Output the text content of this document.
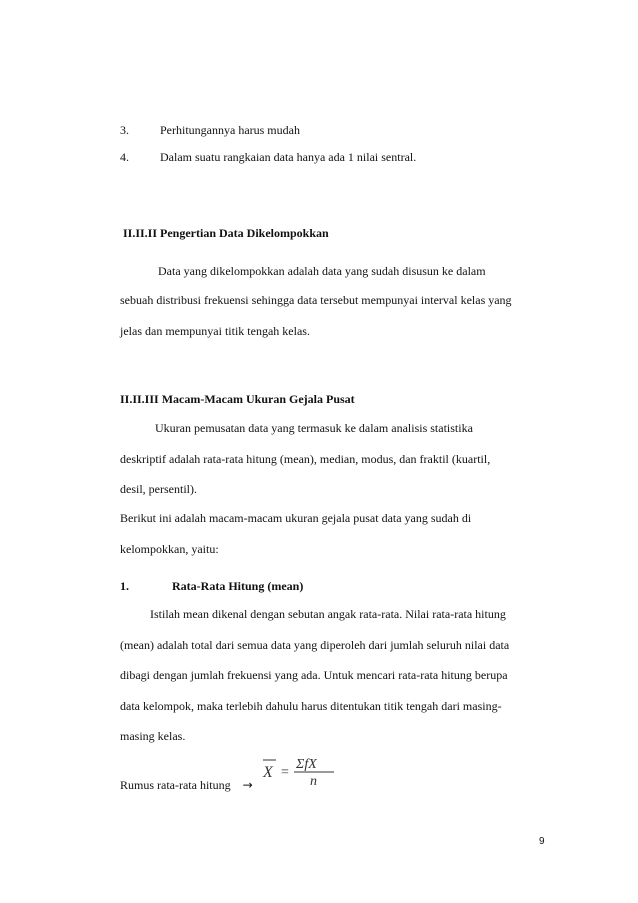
3.	Perhitungannya harus mudah
4.	Dalam suatu rangkaian data hanya ada 1 nilai sentral.
II.II.II Pengertian Data Dikelompokkan
Data yang dikelompokkan adalah data yang sudah disusun ke dalam
sebuah distribusi frekuensi sehingga data tersebut mempunyai interval kelas yang
jelas dan mempunyai titik tengah kelas.
II.II.III Macam-Macam Ukuran Gejala Pusat
Ukuran pemusatan data yang termasuk ke dalam analisis statistika
deskriptif adalah rata-rata hitung (mean), median, modus, dan fraktil (kuartil,
desil, persentil).
Berikut ini adalah macam-macam ukuran gejala pusat data yang sudah di
kelompokkan, yaitu:
1.	Rata-Rata Hitung (mean)
Istilah mean dikenal dengan sebutan angak rata-rata. Nilai rata-rata hitung
(mean) adalah total dari semua data yang diperoleh dari jumlah seluruh nilai data
dibagi dengan jumlah frekuensi yang ada. Untuk mencari rata-rata hitung berupa
data kelompok, maka terlebih dahulu harus ditentukan titik tengah dari masing-
masing kelas.
Rumus rata-rata hitung →
X =
ΣfX
n
9
